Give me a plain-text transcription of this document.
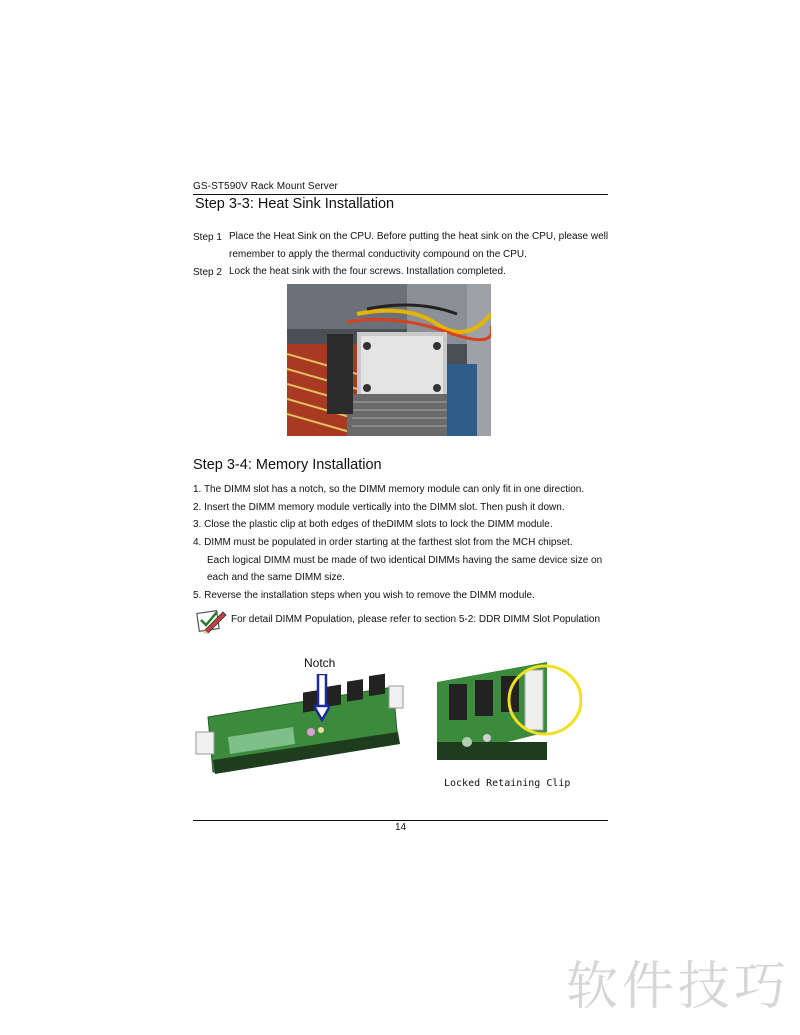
GS-ST590V Rack Mount Server
Step 3-3: Heat Sink Installation
Step 1 Place the Heat Sink on the CPU. Before putting the heat sink on the CPU, please well
remember to apply the thermal conductivity compound on the CPU.
Step 2 Lock the heat sink with the four screws. Installation completed.
Step 3-4: Memory Installation
1. The DIMM slot has a notch, so the DIMM memory module can only fit in one direction.
2. Insert the DIMM memory module vertically into the DIMM slot. Then push it down.
3. Close the plastic clip at both edges of theDIMM slots to lock the DIMM module.
4. DIMM must be populated in order starting at the farthest slot from the MCH chipset.
Each logical DIMM must be made of two identical DIMMs having the same device size on
each and the same DIMM size.
5. Reverse the installation steps when you wish to remove the DIMM module.
For detail DIMM Population, please refer to section 5-2: DDR DIMM Slot Population
Notch
Locked Retaining Clip
14
软件技巧
